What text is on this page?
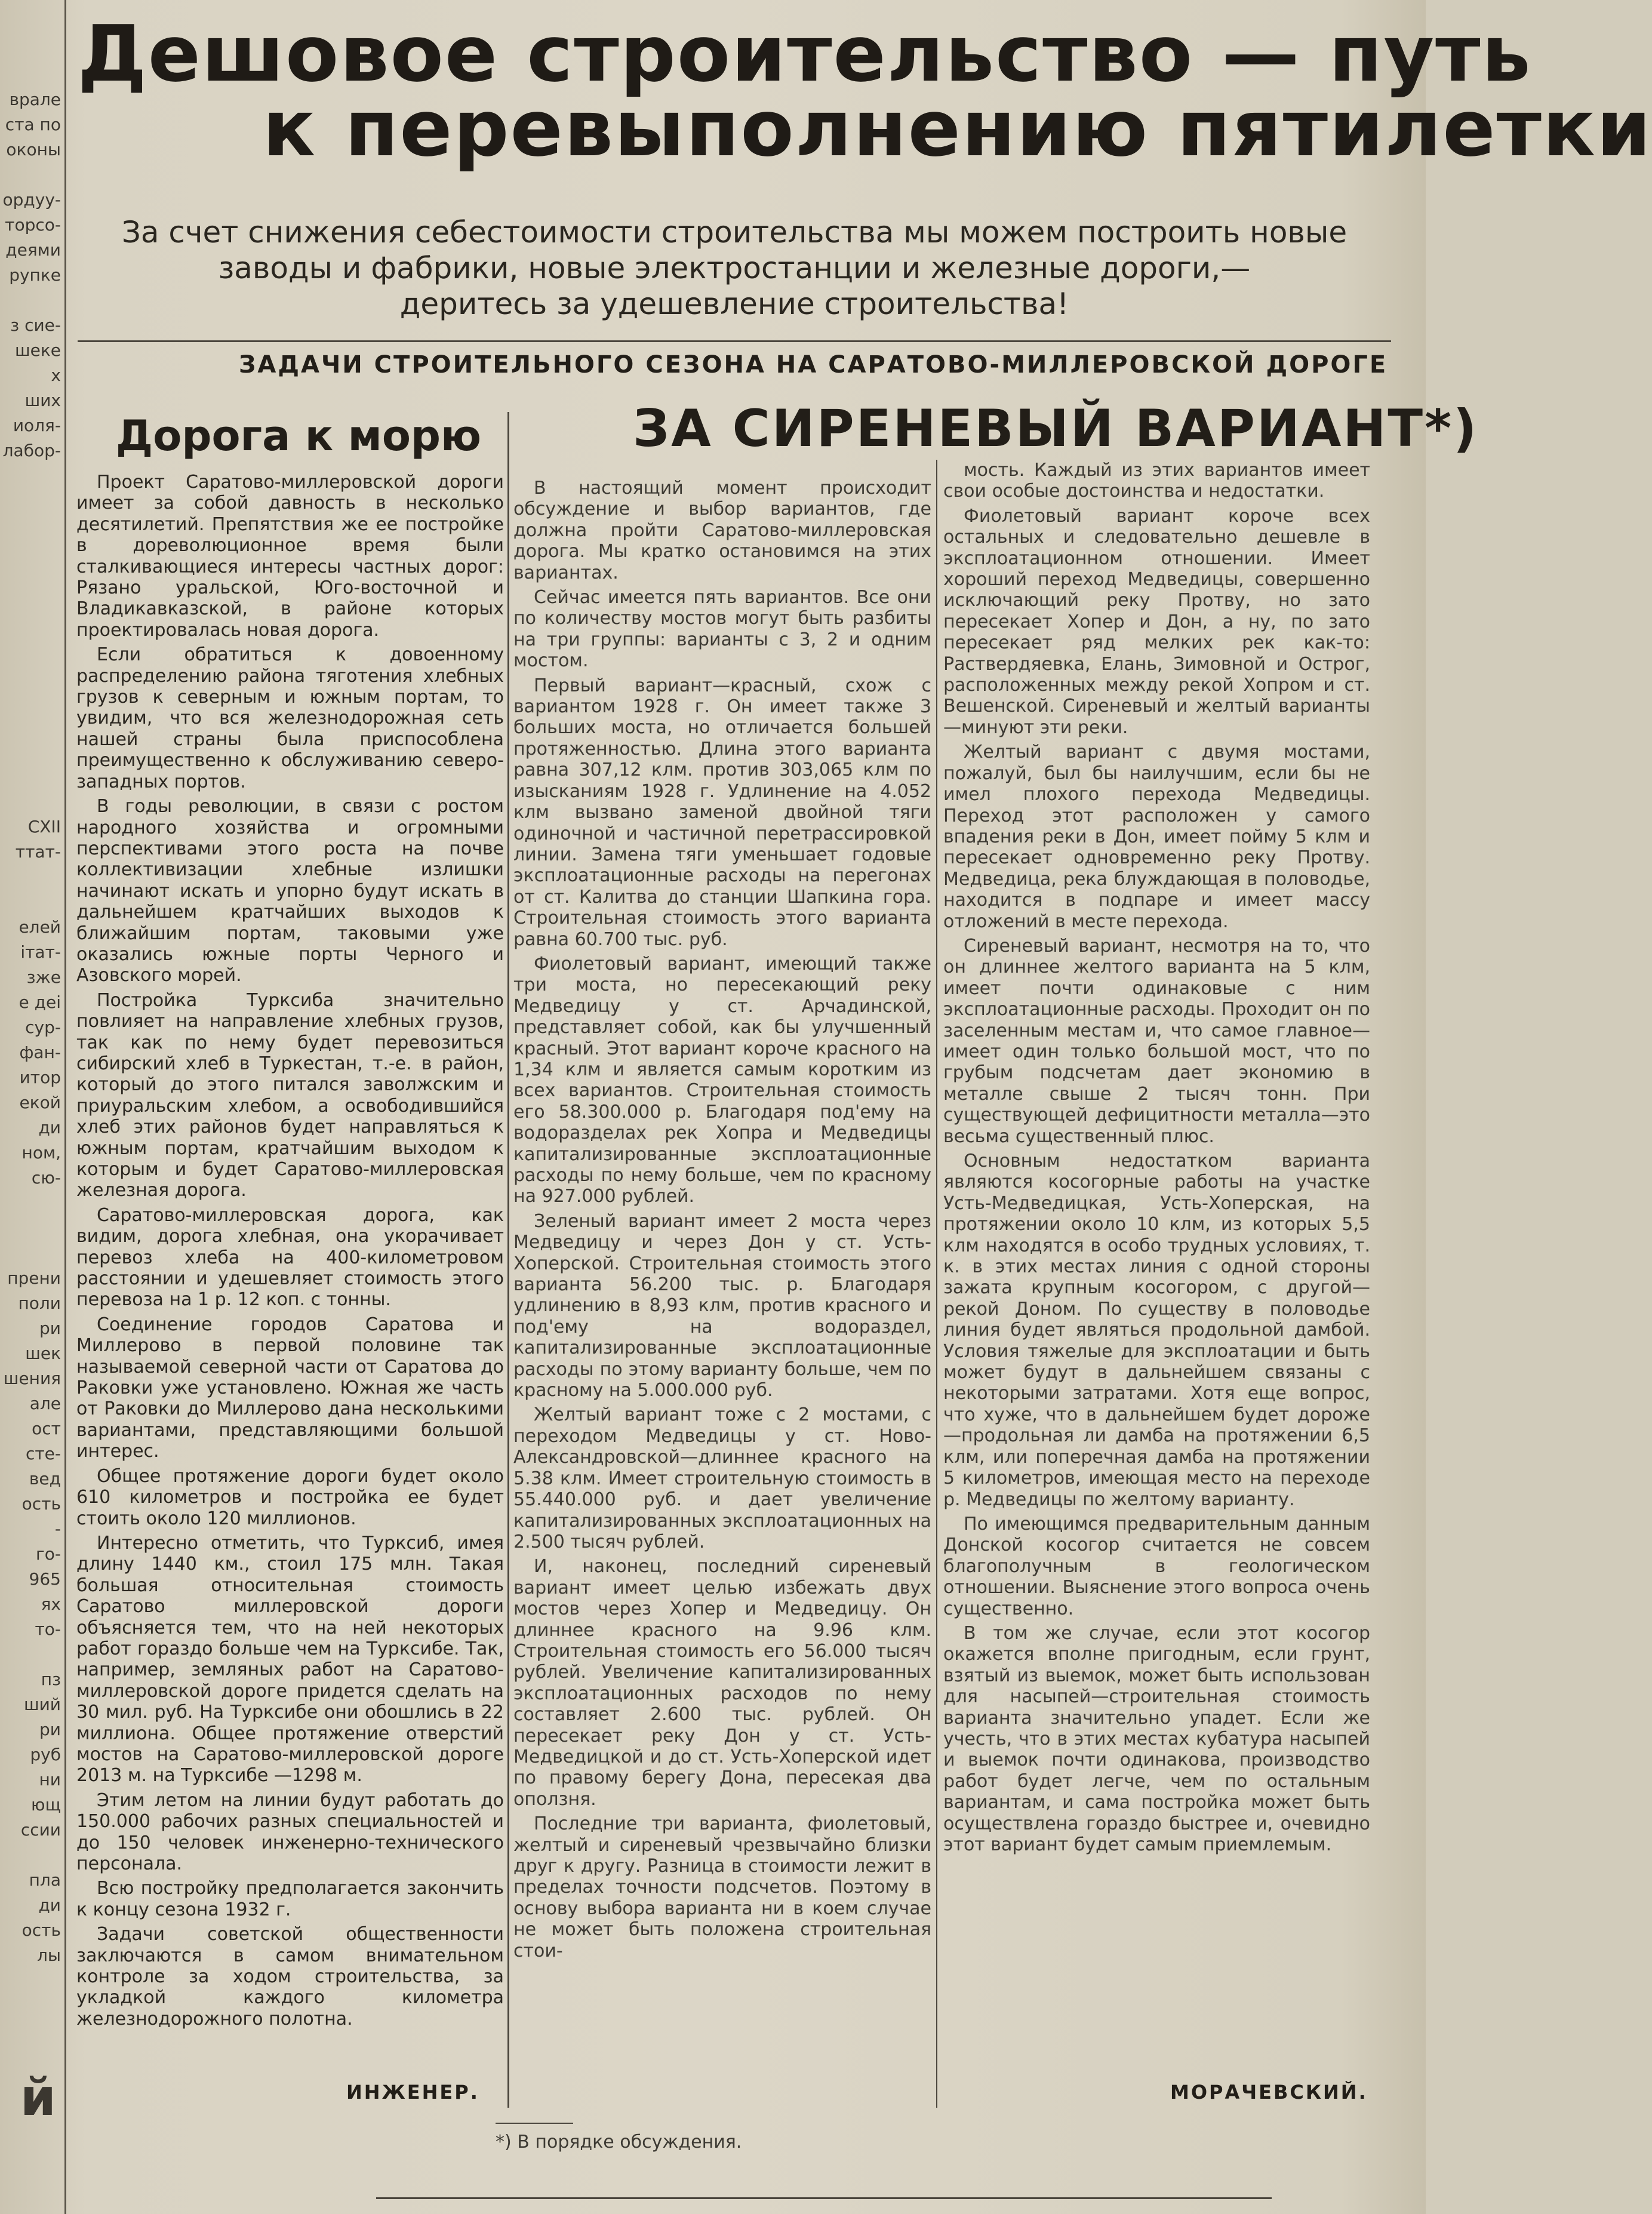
врале
ста по
оконы
ордуу-
торсо-
деями
рупке
з сие-
шеке
х
ших
иоля-
лабор-
СХII
ттат-
елей
ітат-
зже
е деі
сур-
фан-
итор
екой
ди
ном,
сю-
прени
поли
ри
шек
шения
але
ост
сте-
вед
ость
-
го-
965
ях
то-
пз
ший
ри
руб
ни
ющ
ссии
пла
ди
ость
лы
й
Дешовое строительство — путь
к перевыполнению пятилетки
За счет снижения себестоимости строительства мы можем построить новые
заводы и фабрики, новые электростанции и железные дороги,—
деритесь за удешевление строительства!
ЗАДАЧИ СТРОИТЕЛЬНОГО СЕЗОНА НА САРАТОВО-МИЛЛЕРОВСКОЙ ДОРОГЕ
Дорога к морю

Проект Саратово-миллеровской дороги имеет за собой давность в несколько десятилетий. Препятствия же ее постройке в дореволюционное время были сталкивающиеся интересы частных дорог: Рязано уральской, Юго-восточной и Владикавказской, в районе которых проектировалась новая дорога.

Если обратиться к довоенному распределению района тяготения хлебных грузов к северным и южным портам, то увидим, что вся железнодорожная сеть нашей страны была приспособлена преимущественно к обслуживанию северо-западных портов.

В годы революции, в связи с ростом народного хозяйства и огромными перспективами этого роста на почве коллективизации хлебные излишки начинают искать и упорно будут искать в дальнейшем кратчайших выходов к ближайшим портам, таковыми уже оказались южные порты Черного и Азовского морей.

Постройка Турксиба значительно повлияет на направление хлебных грузов, так как по нему будет перевозиться сибирский хлеб в Туркестан, т.-е. в район, который до этого питался заволжским и приуральским хлебом, а освободившийся хлеб этих районов будет направляться к южным портам, кратчайшим выходом к которым и будет Саратово-миллеровская железная дорога.

Саратово-миллеровская дорога, как видим, дорога хлебная, она укорачивает перевоз хлеба на 400-километровом расстоянии и удешевляет стоимость этого перевоза на 1 р. 12 коп. с тонны.

Соединение городов Саратова и Миллерово в первой половине так называемой северной части от Саратова до Раковки уже установлено. Южная же часть от Раковки до Миллерово дана несколькими вариантами, представляющими большой интерес.

Общее протяжение дороги будет около 610 километров и постройка ее будет стоить около 120 миллионов.

Интересно отметить, что Турксиб, имея длину 1440 км., стоил 175 млн. Такая большая относительная стоимость Саратово миллеровской дороги объясняется тем, что на ней некоторых работ гораздо больше чем на Турксибе. Так, например, земляных работ на Саратово-миллеровской дороге придется сделать на 30 мил. руб. На Турксибе они обошлись в 22 миллиона. Общее протяжение отверстий мостов на Саратово-миллеровской дороге 2013 м. на Турксибе —1298 м.

Этим летом на линии будут работать до 150.000 рабочих разных специальностей и до 150 человек инженерно-технического персонала.

Всю постройку предполагается закончить к концу сезона 1932 г.

Задачи советской общественности заключаются в самом внимательном контроле за ходом строительства, за укладкой каждого километра железнодорожного полотна.

ИНЖЕНЕР.
ЗА СИРЕНЕВЫЙ ВАРИАНТ*)

В настоящий момент происходит обсуждение и выбор вариантов, где должна пройти Саратово-миллеровская дорога. Мы кратко остановимся на этих вариантах.

Сейчас имеется пять вариантов. Все они по количеству мостов могут быть разбиты на три группы: варианты с 3, 2 и одним мостом.

Первый вариант—красный, схож с вариантом 1928 г. Он имеет также 3 больших моста, но отличается большей протяженностью. Длина этого варианта равна 307,12 клм. против 303,065 клм по изысканиям 1928 г. Удлинение на 4.052 клм вызвано заменой двойной тяги одиночной и частичной перетрассировкой линии. Замена тяги уменьшает годовые эксплоатационные расходы на перегонах от ст. Калитва до станции Шапкина гора. Строительная стоимость этого варианта равна 60.700 тыс. руб.

Фиолетовый вариант, имеющий также три моста, но пересекающий реку Медведицу у ст. Арчадинской, представляет собой, как бы улучшенный красный. Этот вариант короче красного на 1,34 клм и является самым коротким из всех вариантов. Строительная стоимость его 58.300.000 р. Благодаря под'ему на водоразделах рек Хопра и Медведицы капитализированные эксплоатационные расходы по нему больше, чем по красному на 927.000 рублей.

Зеленый вариант имеет 2 моста через Медведицу и через Дон у ст. Усть-Хоперской. Строительная стоимость этого варианта 56.200 тыс. р. Благодаря удлинению в 8,93 клм, против красного и под'ему на водораздел, капитализированные эксплоатационные расходы по этому варианту больше, чем по красному на 5.000.000 руб.

Желтый вариант тоже с 2 мостами, с переходом Медведицы у ст. Ново-Александровской—длиннее красного на 5.38 клм. Имеет строительную стоимость в 55.440.000 руб. и дает увеличение капитализированных эксплоатационных на 2.500 тысяч рублей.

И, наконец, последний сиреневый вариант имеет целью избежать двух мостов через Хопер и Медведицу. Он длиннее красного на 9.96 клм. Строительная стоимость его 56.000 тысяч рублей. Увеличение капитализированных эксплоатационных расходов по нему составляет 2.600 тыс. рублей. Он пересекает реку Дон у ст. Усть-Медведицкой и до ст. Усть-Хоперской идет по правому берегу Дона, пересекая два оползня.

Последние три варианта, фиолетовый, желтый и сиреневый чрезвычайно близки друг к другу. Разница в стоимости лежит в пределах точности подсчетов. Поэтому в основу выбора варианта ни в коем случае не может быть положена строительная стои-

мость. Каждый из этих вариантов имеет свои особые достоинства и недостатки.

Фиолетовый вариант короче всех остальных и следовательно дешевле в эксплоатационном отношении. Имеет хороший переход Медведицы, совершенно исключающий реку Протву, но зато пересекает Хопер и Дон, а ну, по зато пересекает ряд мелких рек как-то: Раствердяевка, Елань, Зимовной и Острог, расположенных между рекой Хопром и ст. Вешенской. Сиреневый и желтый варианты—минуют эти реки.

Желтый вариант с двумя мостами, пожалуй, был бы наилучшим, если бы не имел плохого перехода Медведицы. Переход этот расположен у самого впадения реки в Дон, имеет пойму 5 клм и пересекает одновременно реку Протву. Медведица, река блуждающая в половодье, находится в подпаре и имеет массу отложений в месте перехода.

Сиреневый вариант, несмотря на то, что он длиннее желтого варианта на 5 клм, имеет почти одинаковые с ним эксплоатационные расходы. Проходит он по заселенным местам и, что самое главное—имеет один только большой мост, что по грубым подсчетам дает экономию в металле свыше 2 тысяч тонн. При существующей дефицитности металла—это весьма существенный плюс.

Основным недостатком варианта являются косогорные работы на участке Усть-Медведицкая, Усть-Хоперская, на протяжении около 10 клм, из которых 5,5 клм находятся в особо трудных условиях, т. к. в этих местах линия с одной стороны зажата крупным косогором, с другой—рекой Доном. По существу в половодье линия будет являться продольной дамбой. Условия тяжелые для эксплоатации и быть может будут в дальнейшем связаны с некоторыми затратами. Хотя еще вопрос, что хуже, что в дальнейшем будет дороже—продольная ли дамба на протяжении 6,5 клм, или поперечная дамба на протяжении 5 километров, имеющая место на переходе р. Медведицы по желтому варианту.

По имеющимся предварительным данным Донской косогор считается не совсем благополучным в геологическом отношении. Выяснение этого вопроса очень существенно.

В том же случае, если этот косогор окажется вполне пригодным, если грунт, взятый из выемок, может быть использован для насыпей—строительная стоимость варианта значительно упадет. Если же учесть, что в этих местах кубатура насыпей и выемок почти одинакова, производство работ будет легче, чем по остальным вариантам, и сама постройка может быть осуществлена гораздо быстрее и, очевидно этот вариант будет самым приемлемым.

*) В порядке обсуждения.
МОРАЧЕВСКИЙ.
